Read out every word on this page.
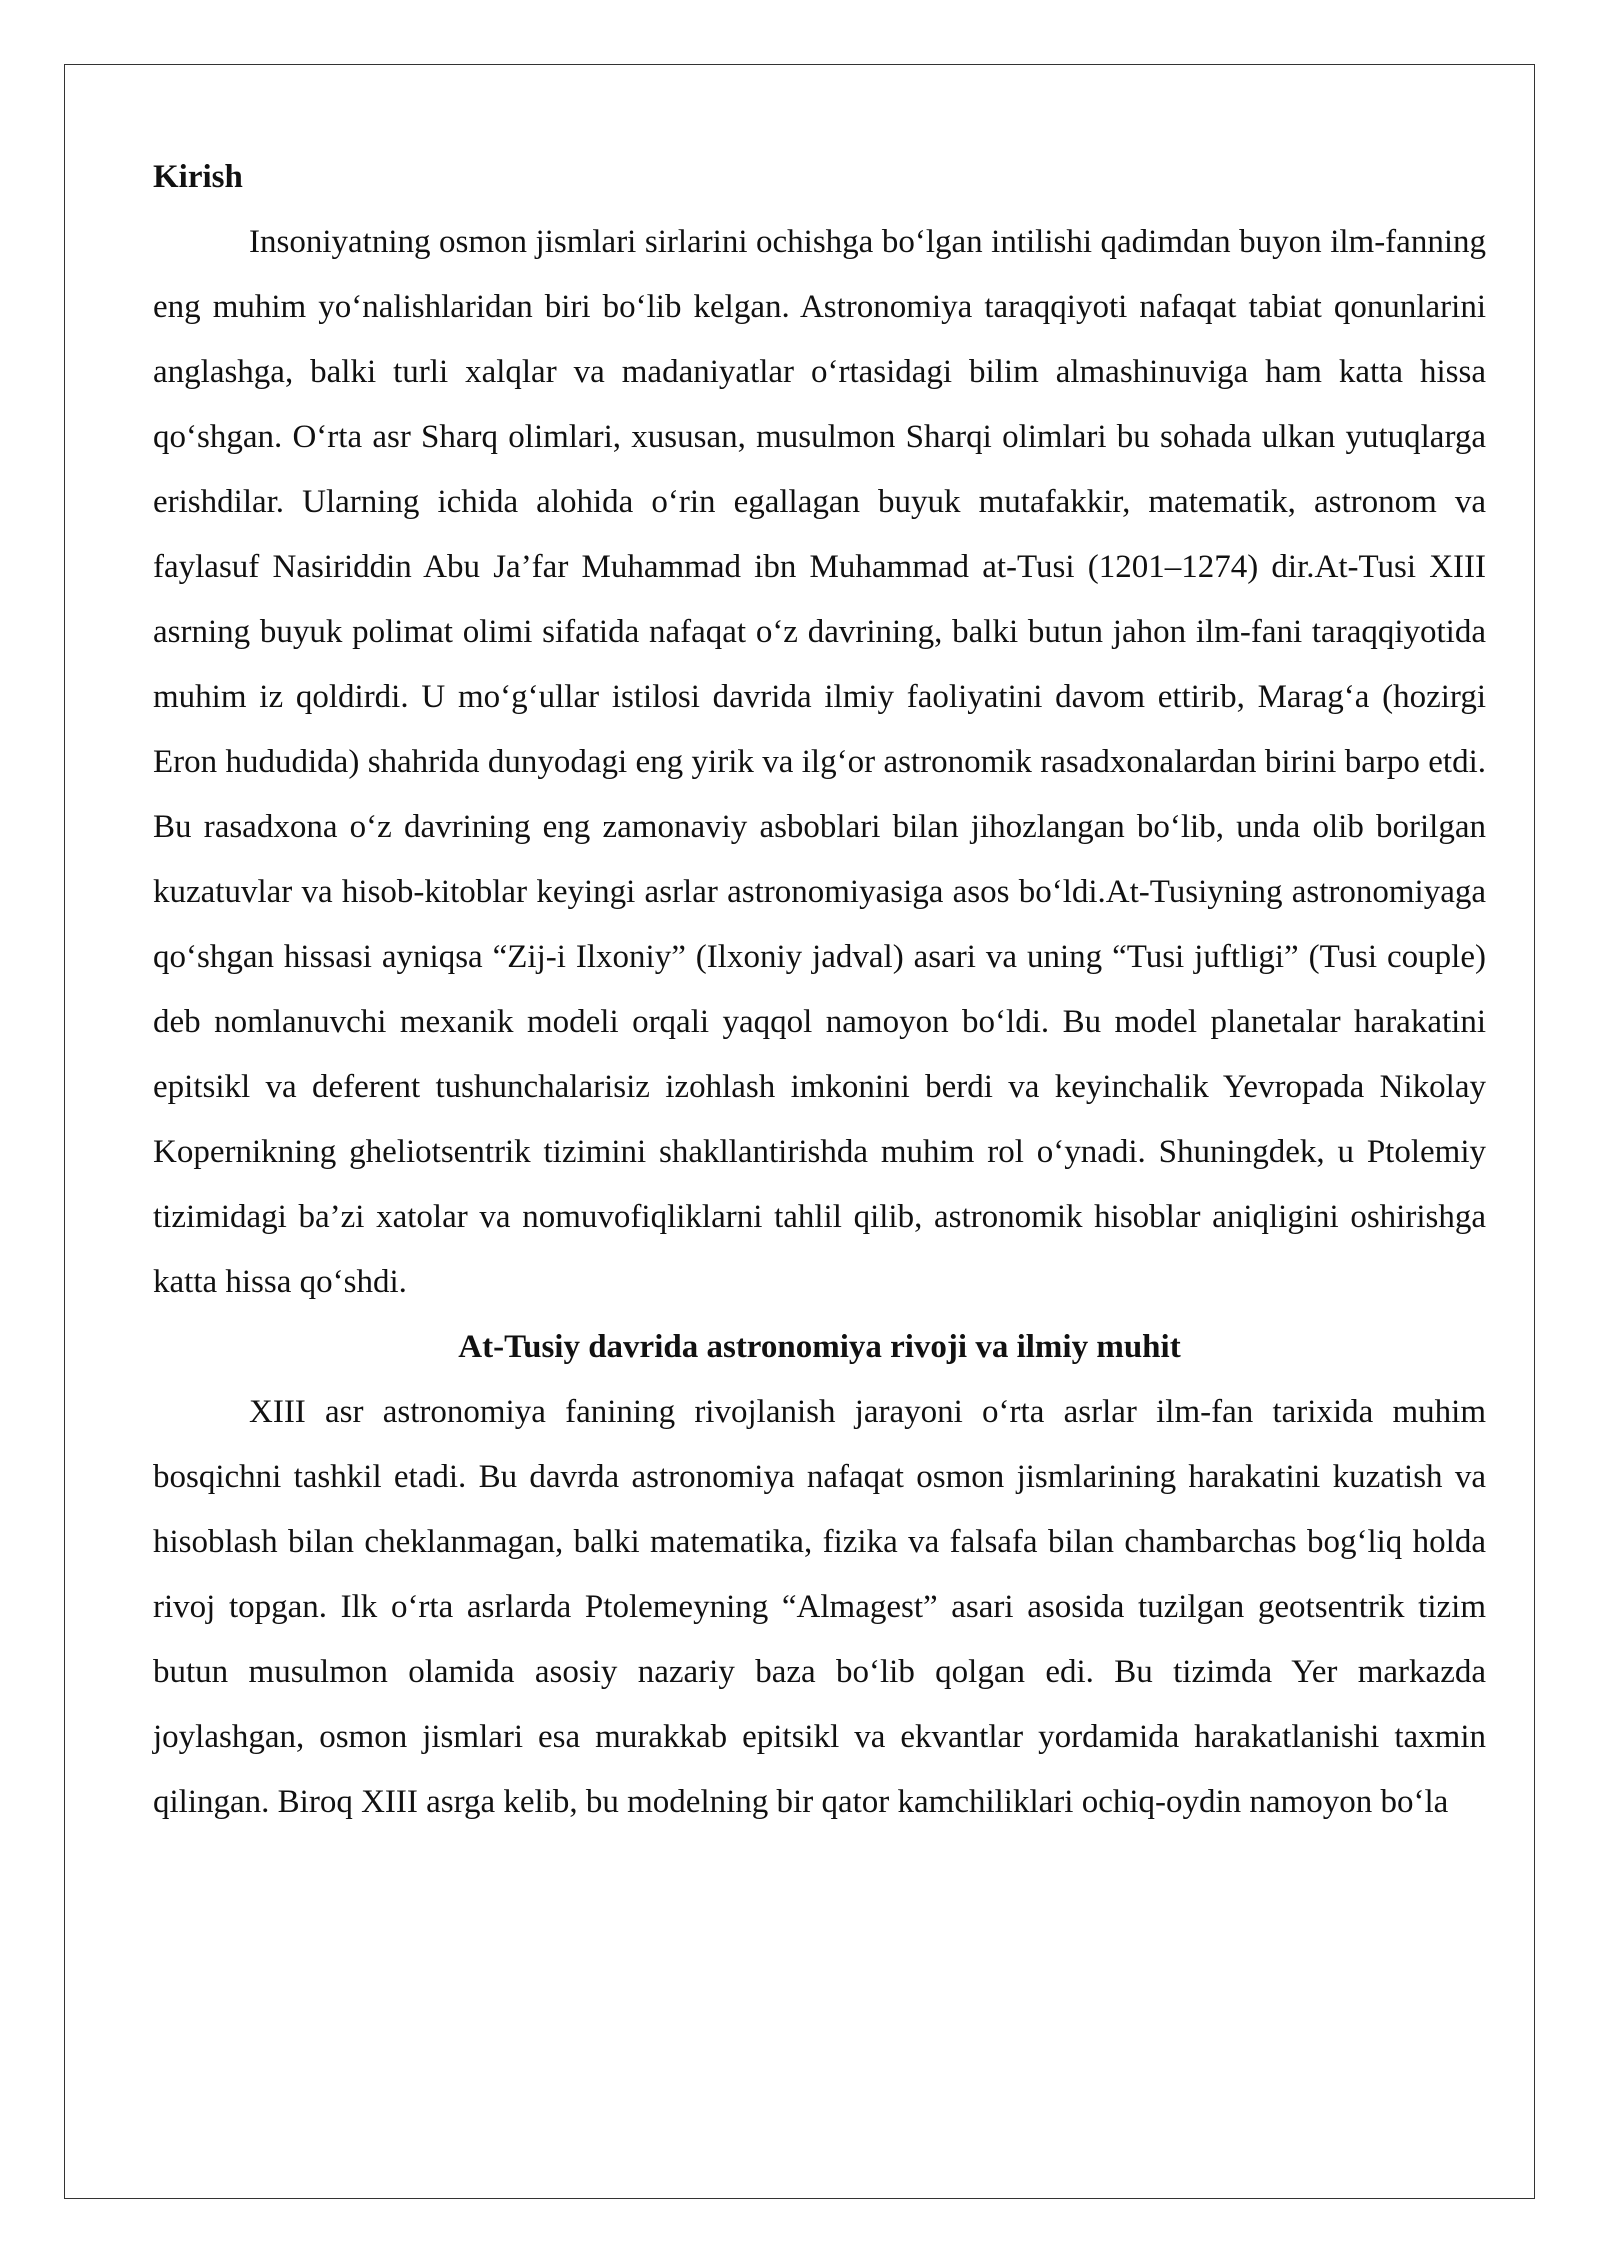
Kirish

Insoniyatning osmon jismlari sirlarini ochishga bo‘lgan intilishi qadimdan buyon ilm-fanning eng muhim yo‘nalishlaridan biri bo‘lib kelgan. Astronomiya taraqqiyoti nafaqat tabiat qonunlarini anglashga, balki turli xalqlar va madaniyatlar o‘rtasidagi bilim almashinuviga ham katta hissa qo‘shgan. O‘rta asr Sharq olimlari, xususan, musulmon Sharqi olimlari bu sohada ulkan yutuqlarga erishdilar. Ularning ichida alohida o‘rin egallagan buyuk mutafakkir, matematik, astronom va faylasuf Nasiriddin Abu Ja’far Muhammad ibn Muhammad at-Tusi (1201–1274) dir.At-Tusi XIII asrning buyuk polimat olimi sifatida nafaqat o‘z davrining, balki butun jahon ilm-fani taraqqiyotida muhim iz qoldirdi. U mo‘g‘ullar istilosi davrida ilmiy faoliyatini davom ettirib, Marag‘a (hozirgi Eron hududida) shahrida dunyodagi eng yirik va ilg‘or astronomik rasadxonalardan birini barpo etdi. Bu rasadxona o‘z davrining eng zamonaviy asboblari bilan jihozlangan bo‘lib, unda olib borilgan kuzatuvlar va hisob-kitoblar keyingi asrlar astronomiyasiga asos bo‘ldi.At-Tusiyning astronomiyaga qo‘shgan hissasi ayniqsa “Zij-i Ilxoniy” (Ilxoniy jadval) asari va uning “Tusi juftligi” (Tusi couple) deb nomlanuvchi mexanik modeli orqali yaqqol namoyon bo‘ldi. Bu model planetalar harakatini epitsikl va deferent tushunchalarisiz izohlash imkonini berdi va keyinchalik Yevropada Nikolay Kopernikning gheliotsentrik tizimini shakllantirishda muhim rol o‘ynadi. Shuningdek, u Ptolemiy tizimidagi ba’zi xatolar va nomuvofiqliklarni tahlil qilib, astronomik hisoblar aniqligini oshirishga katta hissa qo‘shdi.

At-Tusiy davrida astronomiya rivoji va ilmiy muhit

XIII asr astronomiya fanining rivojlanish jarayoni o‘rta asrlar ilm-fan tarixida muhim bosqichni tashkil etadi. Bu davrda astronomiya nafaqat osmon jismlarining harakatini kuzatish va hisoblash bilan cheklanmagan, balki matematika, fizika va falsafa bilan chambarchas bog‘liq holda rivoj topgan. Ilk o‘rta asrlarda Ptolemeyning “Almagest” asari asosida tuzilgan geotsentrik tizim butun musulmon olamida asosiy nazariy baza bo‘lib qolgan edi. Bu tizimda Yer markazda joylashgan, osmon jismlari esa murakkab epitsikl va ekvantlar yordamida harakatlanishi taxmin qilingan. Biroq XIII asrga kelib, bu modelning bir qator kamchiliklari ochiq-oydin namoyon bo‘la
